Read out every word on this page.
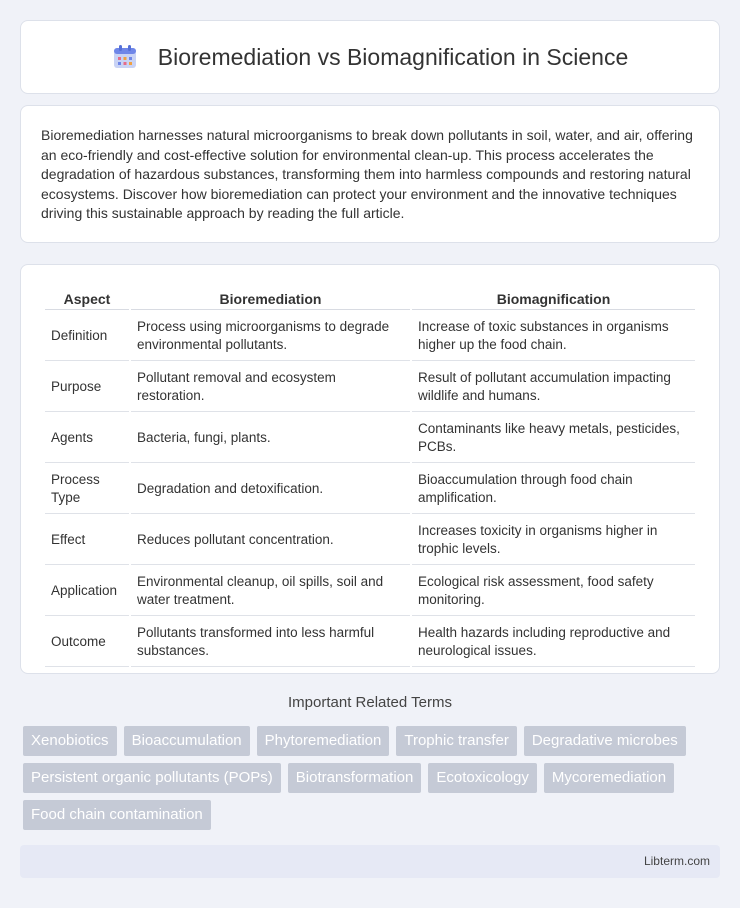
Bioremediation vs Biomagnification in Science

Bioremediation harnesses natural microorganisms to break down pollutants in soil, water, and air, offering an eco-friendly and cost-effective solution for environmental clean-up. This process accelerates the degradation of hazardous substances, transforming them into harmless compounds and restoring natural ecosystems. Discover how bioremediation can protect your environment and the innovative techniques driving this sustainable approach by reading the full article.

Aspect	Bioremediation	Biomagnification
Definition	Process using microorganisms to degrade environmental pollutants.	Increase of toxic substances in organisms higher up the food chain.
Purpose	Pollutant removal and ecosystem restoration.	Result of pollutant accumulation impacting wildlife and humans.
Agents	Bacteria, fungi, plants.	Contaminants like heavy metals, pesticides, PCBs.
Process Type	Degradation and detoxification.	Bioaccumulation through food chain amplification.
Effect	Reduces pollutant concentration.	Increases toxicity in organisms higher in trophic levels.
Application	Environmental cleanup, oil spills, soil and water treatment.	Ecological risk assessment, food safety monitoring.
Outcome	Pollutants transformed into less harmful substances.	Health hazards including reproductive and neurological issues.
Important Related Terms
Xenobiotics	Bioaccumulation	Phytoremediation	Trophic transfer	Degradative microbes
Persistent organic pollutants (POPs)	Biotransformation	Ecotoxicology	Mycoremediation
Food chain contamination
Libterm.com
